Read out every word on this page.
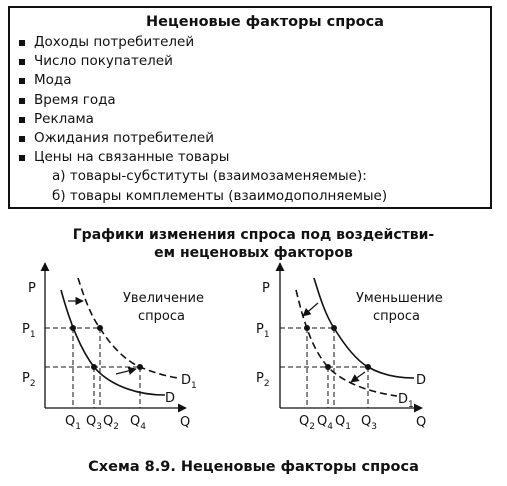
Неценовые факторы спроса
Доходы потребителей
Число покупателей
Мода
Время года
Реклама
Ожидания потребителей
Цены на связанные товары
а) товары-субституты (взаимозаменяемые):
б) товары комплементы (взаимодополняемые)
Графики изменения спроса под воздействи-
ем неценовых факторов
P
Q
Увеличение
спроса
$P_1$
$P_2$
$Q_1$ $Q_3$ $Q_2$ $Q_4$
D
$D_1$
P
Q
Уменьшение
спроса
$P_1$
$P_2$
$Q_2$ $Q_4$ $Q_1$ $Q_3$
D
$D_1$
Схема 8.9. Неценовые факторы спроса
